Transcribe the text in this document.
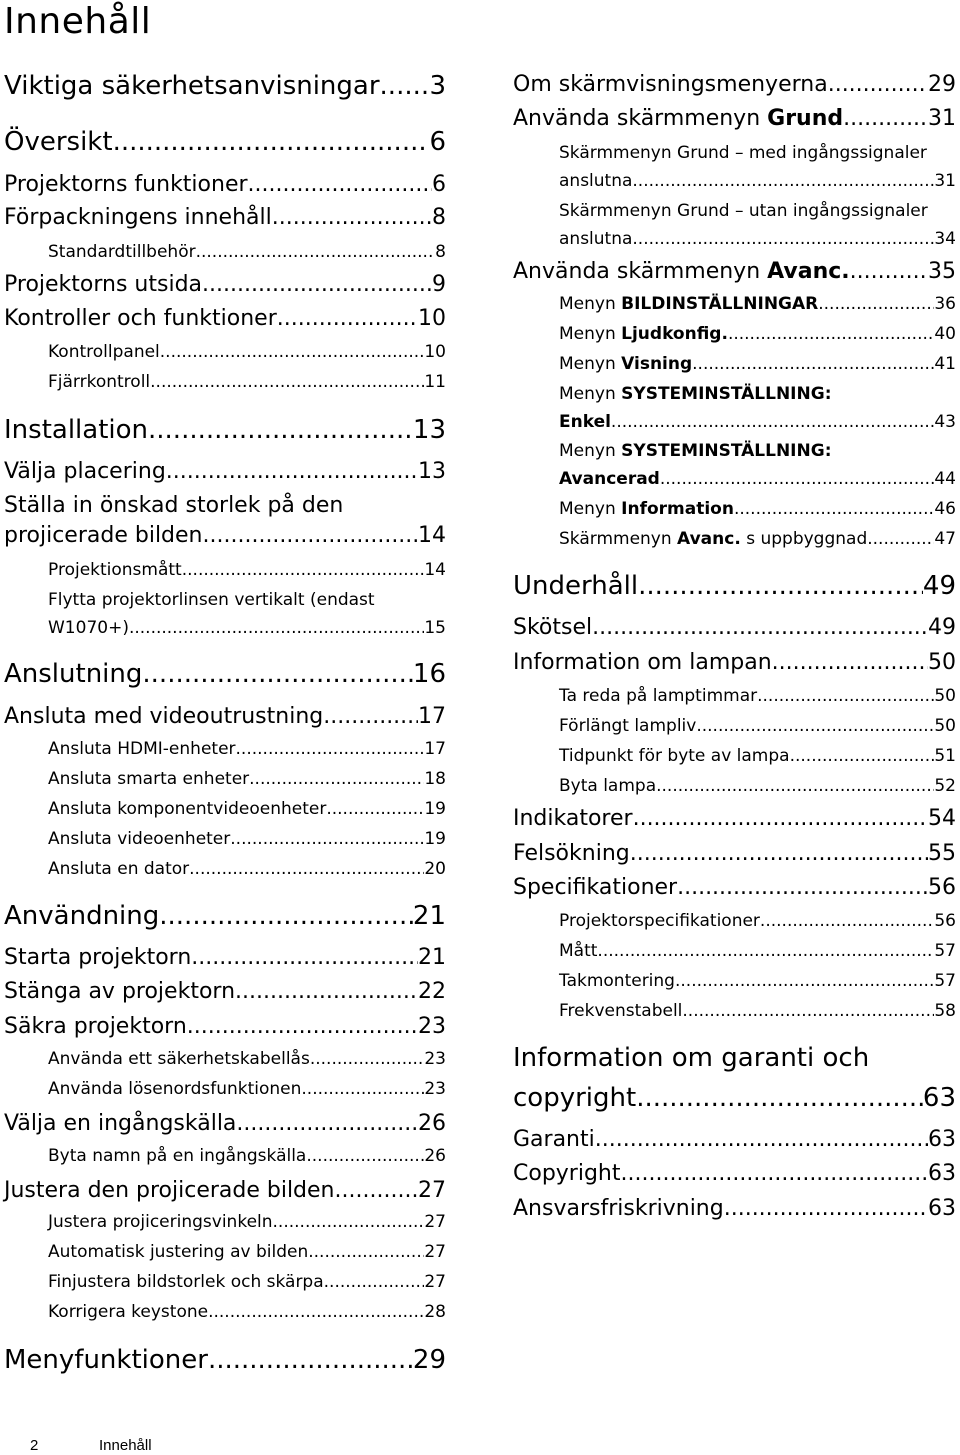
Innehåll
Viktiga säkerhetsanvisningar ..... 3
Översikt .....	6
Projektorns funktioner .....	6
Förpackningens innehåll .....	8
Standardtillbehör .....	8
Projektorns utsida .....	9
Kontroller och funktioner .....	10
Kontrollpanel .....	10
Fjärrkontroll .....	11
Installation .....	13
Välja placering .....	13
Ställa in önskad storlek på den
projicerade bilden .....	14
Projektionsmått .....	14
Flytta projektorlinsen vertikalt (endast
W1070+) .....	15
Anslutning .....	16
Ansluta med videoutrustning .....	17
Ansluta HDMI-enheter .....	17
Ansluta smarta enheter .....	18
Ansluta komponentvideoenheter .....	19
Ansluta videoenheter .....	19
Ansluta en dator .....	20
Användning .....	21
Starta projektorn .....	21
Stänga av projektorn .....	22
Säkra projektorn .....	23
Använda ett säkerhetskabellås .....	23
Använda lösenordsfunktionen .....	23
Välja en ingångskälla .....	26
Byta namn på en ingångskälla .....	26
Justera den projicerade bilden .....	27
Justera projiceringsvinkeln .....	27
Automatisk justering av bilden .....	27
Finjustera bildstorlek och skärpa .....	27
Korrigera keystone .....	28
Menyfunktioner .....	29
Om skärmvisningsmenyerna .....	29
Använda skärmmenyn Grund .....	31
Skärmmenyn Grund – med ingångssignaler
anslutna .....	31
Skärmmenyn Grund – utan ingångssignaler
anslutna .....	34
Använda skärmmenyn Avanc. .....	35
Menyn BILDINSTÄLLNINGAR .....	36
Menyn Ljudkonfig. .....	40
Menyn Visning .....	41
Menyn SYSTEMINSTÄLLNING:
Enkel .....	43
Menyn SYSTEMINSTÄLLNING:
Avancerad .....	44
Menyn Information .....	46
Skärmmenyn Avanc. s uppbyggnad .....	47
Underhåll .....	49
Skötsel .....	49
Information om lampan .....	50
Ta reda på lamptimmar .....	50
Förlängt lampliv .....	50
Tidpunkt för byte av lampa .....	51
Byta lampa .....	52
Indikatorer .....	54
Felsökning .....	55
Specifikationer .....	56
Projektorspecifikationer .....	56
Mått .....	57
Takmontering .....	57
Frekvenstabell .....	58
Information om garanti och
copyright .....	63
Garanti .....	63
Copyright .....	63
Ansvarsfriskrivning .....	63
2	Innehåll
